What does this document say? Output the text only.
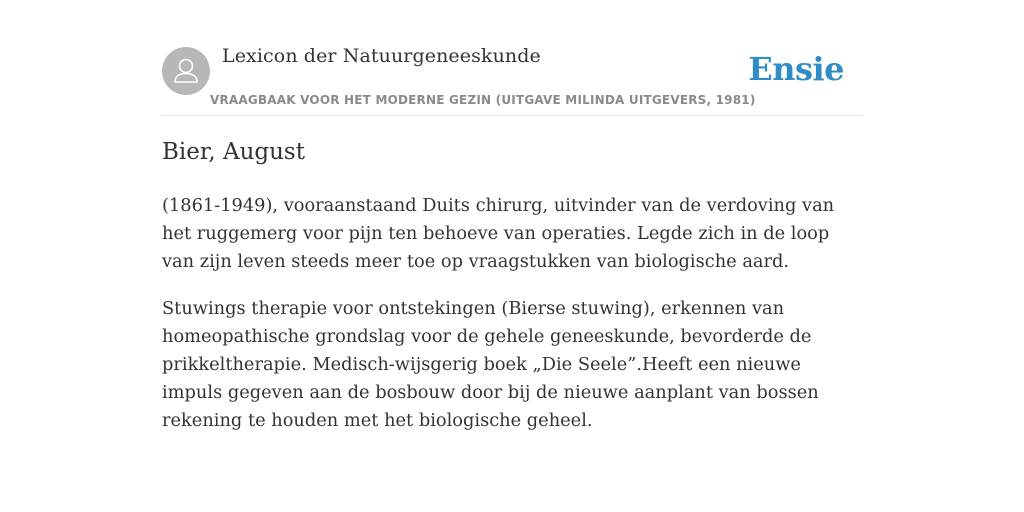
Lexicon der Natuurgeneeskunde
VRAAGBAAK VOOR HET MODERNE GEZIN (UITGAVE MILINDA UITGEVERS, 1981)
Ensie
Bier, August

(1861-1949), vooraanstaand Duits chirurg, uitvinder van de verdoving van het ruggemerg voor pijn ten behoeve van operaties. Legde zich in de loop van zijn leven steeds meer toe op vraagstukken van biologische aard.

Stuwings therapie voor ontstekingen (Bierse stuwing), erkennen van homeopathische grondslag voor de gehele geneeskunde, bevorderde de prikkeltherapie. Medisch-wijsgerig boek „Die Seele”.Heeft een nieuwe impuls gegeven aan de bosbouw door bij de nieuwe aanplant van bossen rekening te houden met het biologische geheel.
